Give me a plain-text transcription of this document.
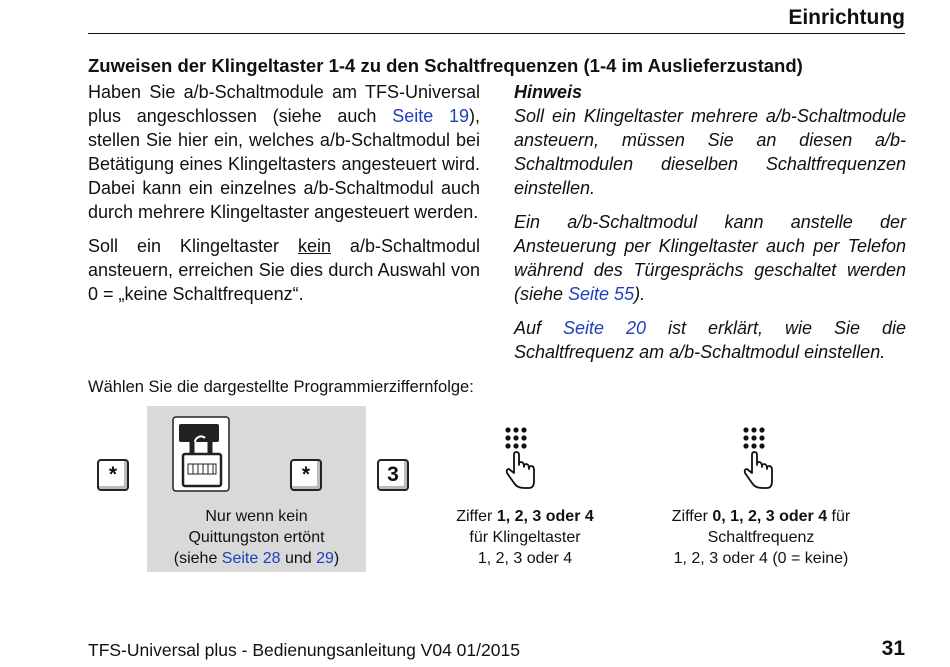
Einrichtung
Zuweisen der Klingeltaster 1-4 zu den Schaltfrequenzen (1-4 im Auslieferzustand)

Haben Sie a/b-Schaltmodule am TFS-Universal plus angeschlossen (siehe auch Seite 19), stellen Sie hier ein, welches a/b-Schaltmodul bei Betätigung eines Klingeltasters angesteuert wird. Dabei kann ein einzelnes a/b-Schaltmodul auch durch mehrere Klingeltaster angesteuert werden.

Soll ein Klingeltaster kein a/b-Schaltmodul ansteuern, erreichen Sie dies durch Auswahl von 0 = „keine Schaltfrequenz“.

Hinweis

Soll ein Klingeltaster mehrere a/b-Schaltmodule ansteuern, müssen Sie an diesen a/b-Schaltmodulen dieselben Schaltfrequenzen einstellen.

Ein a/b-Schaltmodul kann anstelle der Ansteuerung per Klingeltaster auch per Telefon während des Türgesprächs geschaltet werden (siehe Seite 55).

Auf Seite 20 ist erklärt, wie Sie die Schaltfrequenz am a/b-Schaltmodul einstellen.

Wählen Sie die dargestellte Programmierziffernfolge:
*	*	3
Nur wenn kein
Quittungston ertönt
(siehe Seite 28 und 29)
Ziffer 1, 2, 3 oder 4
für Klingeltaster
1, 2, 3 oder 4
Ziffer 0, 1, 2, 3 oder 4 für
Schaltfrequenz
1, 2, 3 oder 4 (0 = keine)
TFS-Universal plus - Bedienungsanleitung V04 01/2015	31
